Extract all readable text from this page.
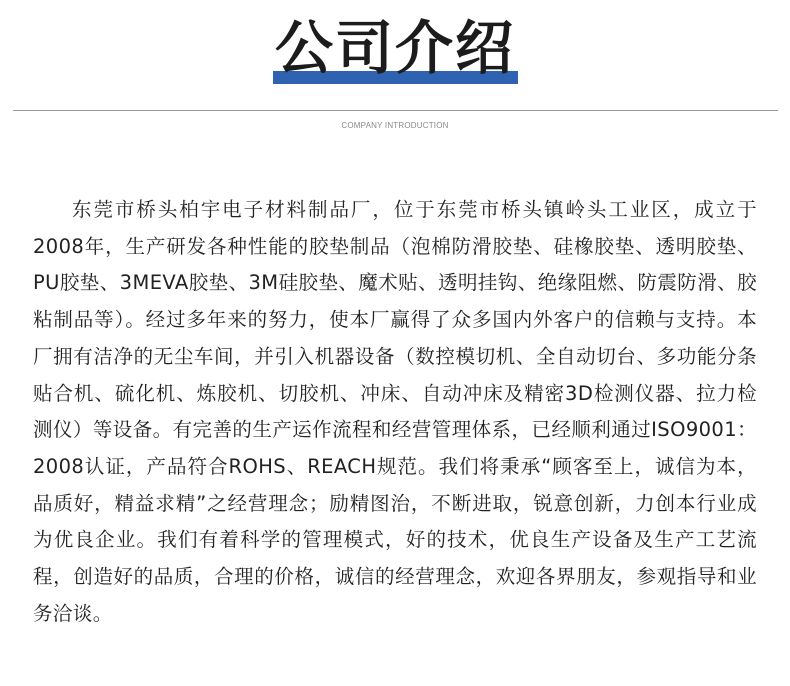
公司介绍
COMPANY INTRODUCTION

东莞市桥头柏宇电子材料制品厂，位于东莞市桥头镇岭头工业区，成立于2008年，生产研发各种性能的胶垫制品（泡棉防滑胶垫、硅橡胶垫、透明胶垫、PU胶垫、3MEVA胶垫、3M硅胶垫、魔术贴、透明挂钩、绝缘阻燃、防震防滑、胶粘制品等）。经过多年来的努力，使本厂赢得了众多国内外客户的信赖与支持。本厂拥有洁净的无尘车间，并引入机器设备（数控模切机、全自动切台、多功能分条贴合机、硫化机、炼胶机、切胶机、冲床、自动冲床及精密3D检测仪器、拉力检测仪）等设备。有完善的生产运作流程和经营管理体系，已经顺利通过ISO9001：2008认证，产品符合ROHS、REACH规范。我们将秉承“顾客至上，诚信为本，品质好，精益求精”之经营理念；励精图治，不断进取，锐意创新，力创本行业成为优良企业。我们有着科学的管理模式，好的技术，优良生产设备及生产工艺流程，创造好的品质，合理的价格，诚信的经营理念，欢迎各界朋友，参观指导和业务洽谈。
